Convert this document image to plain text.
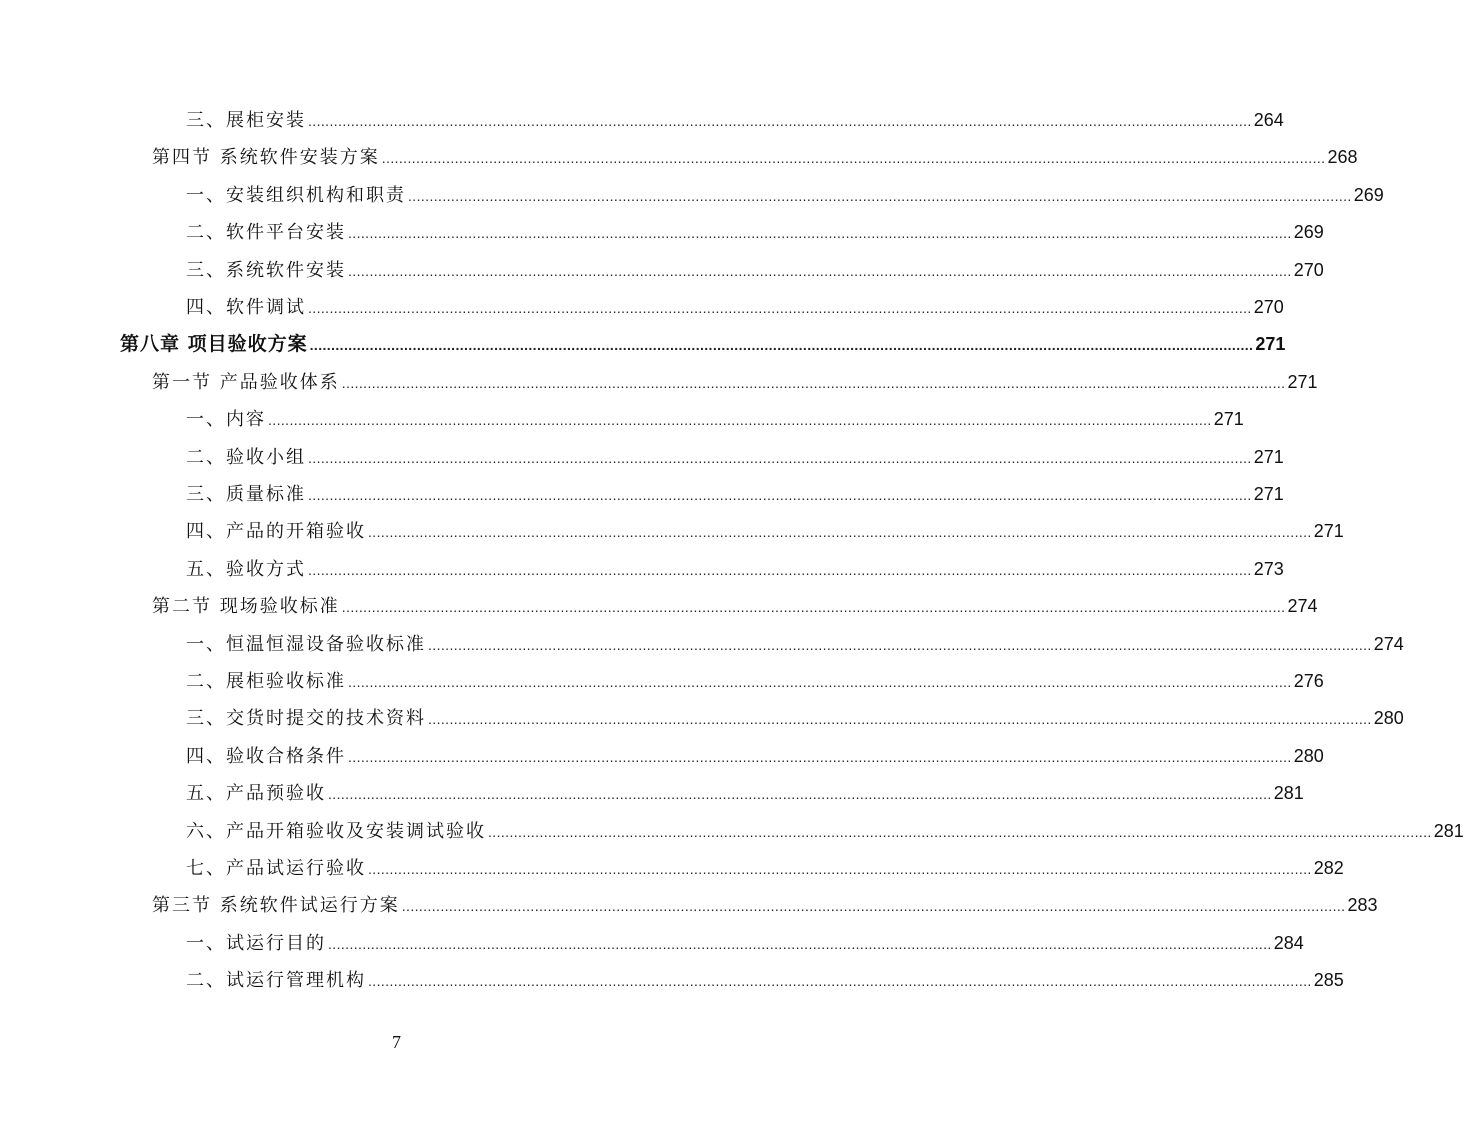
三、展柜安装 ............................................................................................................................................................................................................................ 264
第四节 系统软件安装方案 ............................................................................................................................................................................................................................ 268
一、安装组织机构和职责 ............................................................................................................................................................................................................................ 269
二、软件平台安装 ............................................................................................................................................................................................................................ 269
三、系统软件安装 ............................................................................................................................................................................................................................ 270
四、软件调试 ............................................................................................................................................................................................................................ 270
第八章 项目验收方案 ............................................................................................................................................................................................................................ 271
第一节 产品验收体系 ............................................................................................................................................................................................................................ 271
一、内容 ............................................................................................................................................................................................................................ 271
二、验收小组 ............................................................................................................................................................................................................................ 271
三、质量标准 ............................................................................................................................................................................................................................ 271
四、产品的开箱验收 ............................................................................................................................................................................................................................ 271
五、验收方式 ............................................................................................................................................................................................................................ 273
第二节 现场验收标准 ............................................................................................................................................................................................................................ 274
一、恒温恒湿设备验收标准 ............................................................................................................................................................................................................................ 274
二、展柜验收标准 ............................................................................................................................................................................................................................ 276
三、交货时提交的技术资料 ............................................................................................................................................................................................................................ 280
四、验收合格条件 ............................................................................................................................................................................................................................ 280
五、产品预验收 ............................................................................................................................................................................................................................ 281
六、产品开箱验收及安装调试验收 ............................................................................................................................................................................................................................ 281
七、产品试运行验收 ............................................................................................................................................................................................................................ 282
第三节 系统软件试运行方案 ............................................................................................................................................................................................................................ 283
一、试运行目的 ............................................................................................................................................................................................................................ 284
二、试运行管理机构 ............................................................................................................................................................................................................................ 285
7
